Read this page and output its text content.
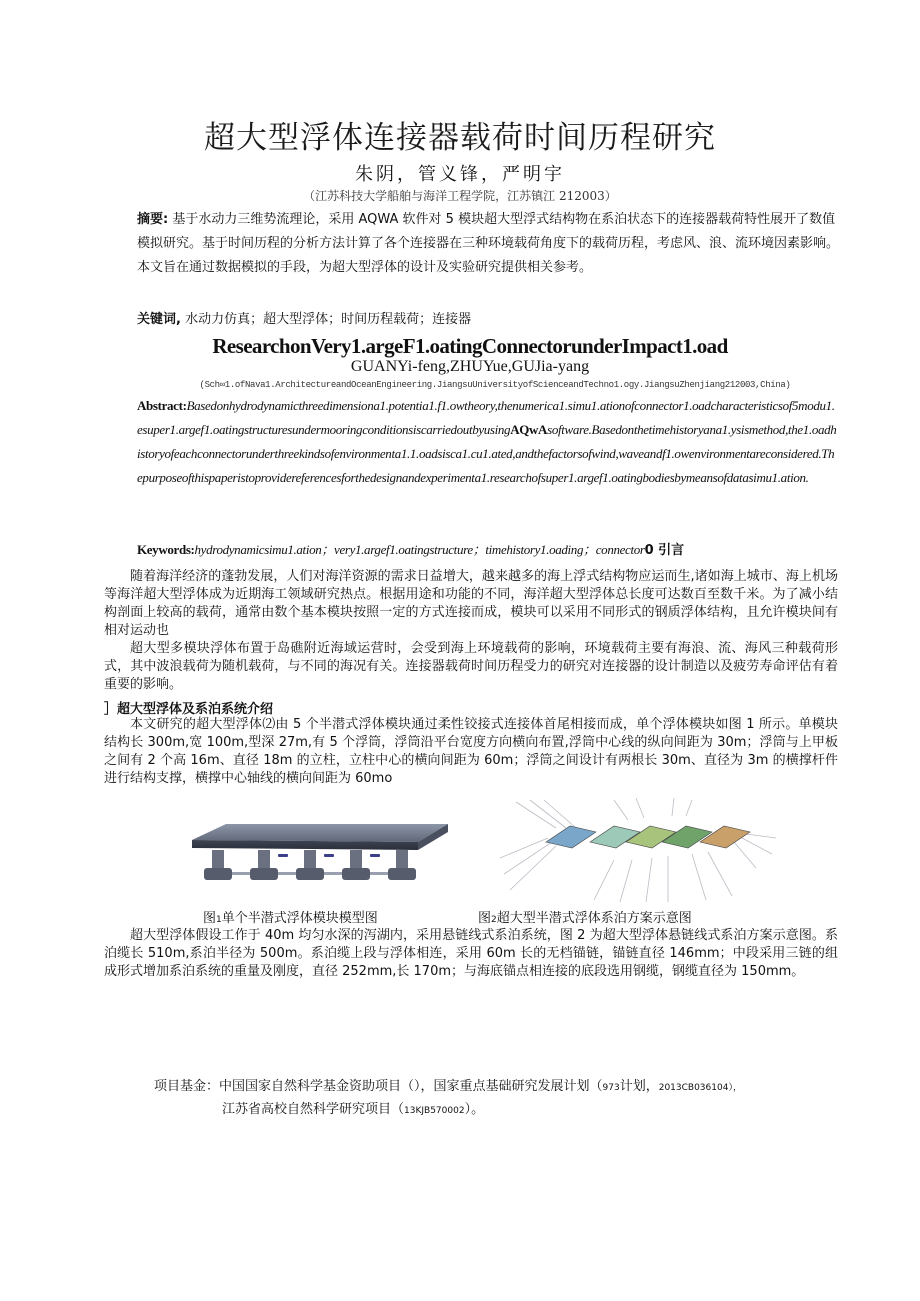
超大型浮体连接器载荷时间历程研究
朱阴，管义锋，严明宇
（江苏科技大学船舶与海洋工程学院，江苏镇江 212003）
摘要: 基于水动力三维势流理论，采用 AQWA 软件对 5 模块超大型浮式结构物在系泊状态下的连接器载荷特性展开了数值模拟研究。基于时间历程的分析方法计算了各个连接器在三种环境载荷角度下的载荷历程，考虑风、浪、流环境因素影响。本文旨在通过数据模拟的手段，为超大型浮体的设计及实验研究提供相关参考。
关键词, 水动力仿真；超大型浮体；时间历程载荷；连接器
ResearchonVery1.argeF1.oatingConnectorunderImpact1.oad
GUANYi-feng,ZHUYue,GUJia-yang
(Sch∞1.ofNava1.ArchitectureandOceanEngineering.JiangsuUniversityofScienceandTechno1.ogy.JiangsuZhenjiang212003,China)
Abstract:Basedonhydrodynamicthreedimensiona1.potentia1.f1.owtheory,thenumerica1.simu1.ationofconnector1.oadcharacteristicsof5modu1.esuper1.argef1.oatingstructuresundermooringconditionsiscarriedoutbyusingAQwAsoftware.Basedonthetimehistoryana1.ysismethod,the1.oadhistoryofeachconnectorunderthreekindsofenvironmenta1.1.oadsisca1.cu1.ated,andthefactorsofwind,waveandf1.owenvironmentareconsidered.Thepurposeofthispaperistoprovidereferencesforthedesignandexperimenta1.researchofsuper1.argef1.oatingbodiesbymeansofdatasimu1.ation.
Keywords:hydrodynamicsimu1.ation；very1.argef1.oatingstructure；timehistory1.oading；connector0 引言

随着海洋经济的蓬勃发展，人们对海洋资源的需求日益增大，越来越多的海上浮式结构物应运而生,诸如海上城市、海上机场等海洋超大型浮体成为近期海工领域研究热点。根据用途和功能的不同，海洋超大型浮体总长度可达数百至数千米。为了减小结构剖面上较高的载荷，通常由数个基本模块按照一定的方式连接而成，模块可以采用不同形式的钢质浮体结构，且允许模块间有相对运动也

超大型多模块浮体布置于岛礁附近海域运营时，会受到海上环境载荷的影响，环境载荷主要有海浪、流、海风三种载荷形式，其中波浪载荷为随机载荷，与不同的海况有关。连接器载荷时间历程受力的研究对连接器的设计制造以及疲劳寿命评估有着重要的影响。

］超大型浮体及系泊系统介绍

本文研究的超大型浮体⑵由 5 个半潜式浮体模块通过柔性铰接式连接体首尾相接而成，单个浮体模块如图 1 所示。单模块结构长 300m,宽 100m,型深 27m,有 5 个浮筒，浮筒沿平台宽度方向横向布置,浮筒中心线的纵向间距为 30m；浮筒与上甲板之间有 2 个高 16m、直径 18m 的立柱，立柱中心的横向间距为 60m；浮筒之间设计有两根长 30m、直径为 3m 的横撑杆件进行结构支撑，横撑中心轴线的横向间距为 60mo

图1单个半潜式浮体模块模型图	图2超大型半潜式浮体系泊方案示意图

超大型浮体假设工作于 40m 均匀水深的泻湖内，采用悬链线式系泊系统，图 2 为超大型浮体悬链线式系泊方案示意图。系泊缆长 510m,系泊半径为 500m。系泊缆上段与浮体相连，采用 60m 长的无档锚链，锚链直径 146mm；中段采用三链的组成形式增加系泊系统的重量及刚度，直径 252mm,长 170m；与海底锚点相连接的底段选用钢缆，钢缆直径为 150mm。

项目基金：中国国家自然科学基金资助项目（），国家重点基础研究发展计划（973计划，2013CB036104），
江苏省高校自然科学研究项目（13KJB570002）。
